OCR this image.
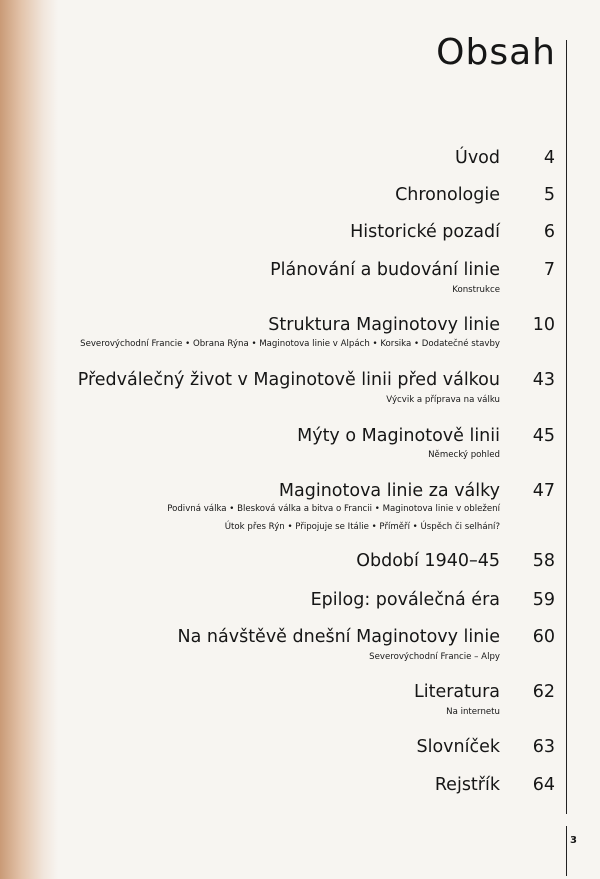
Obsah
Úvod	4
Chronologie	5
Historické pozadí	6
Plánování a budování linie	7
Konstrukce
Struktura Maginotovy linie	10
Severovýchodní Francie • Obrana Rýna • Maginotova linie v Alpách • Korsika • Dodatečné stavby
Předválečný život v Maginotově linii před válkou	43
Výcvik a příprava na válku
Mýty o Maginotově linii	45
Německý pohled
Maginotova linie za války	47
Podivná válka • Blesková válka a bitva o Francii • Maginotova linie v obležení
Útok přes Rýn • Připojuje se Itálie • Příměří • Úspěch či selhání?
Období 1940–45	58
Epilog: poválečná éra	59
Na návštěvě dnešní Maginotovy linie	60
Severovýchodní Francie – Alpy
Literatura	62
Na internetu
Slovníček	63
Rejstřík	64
3
